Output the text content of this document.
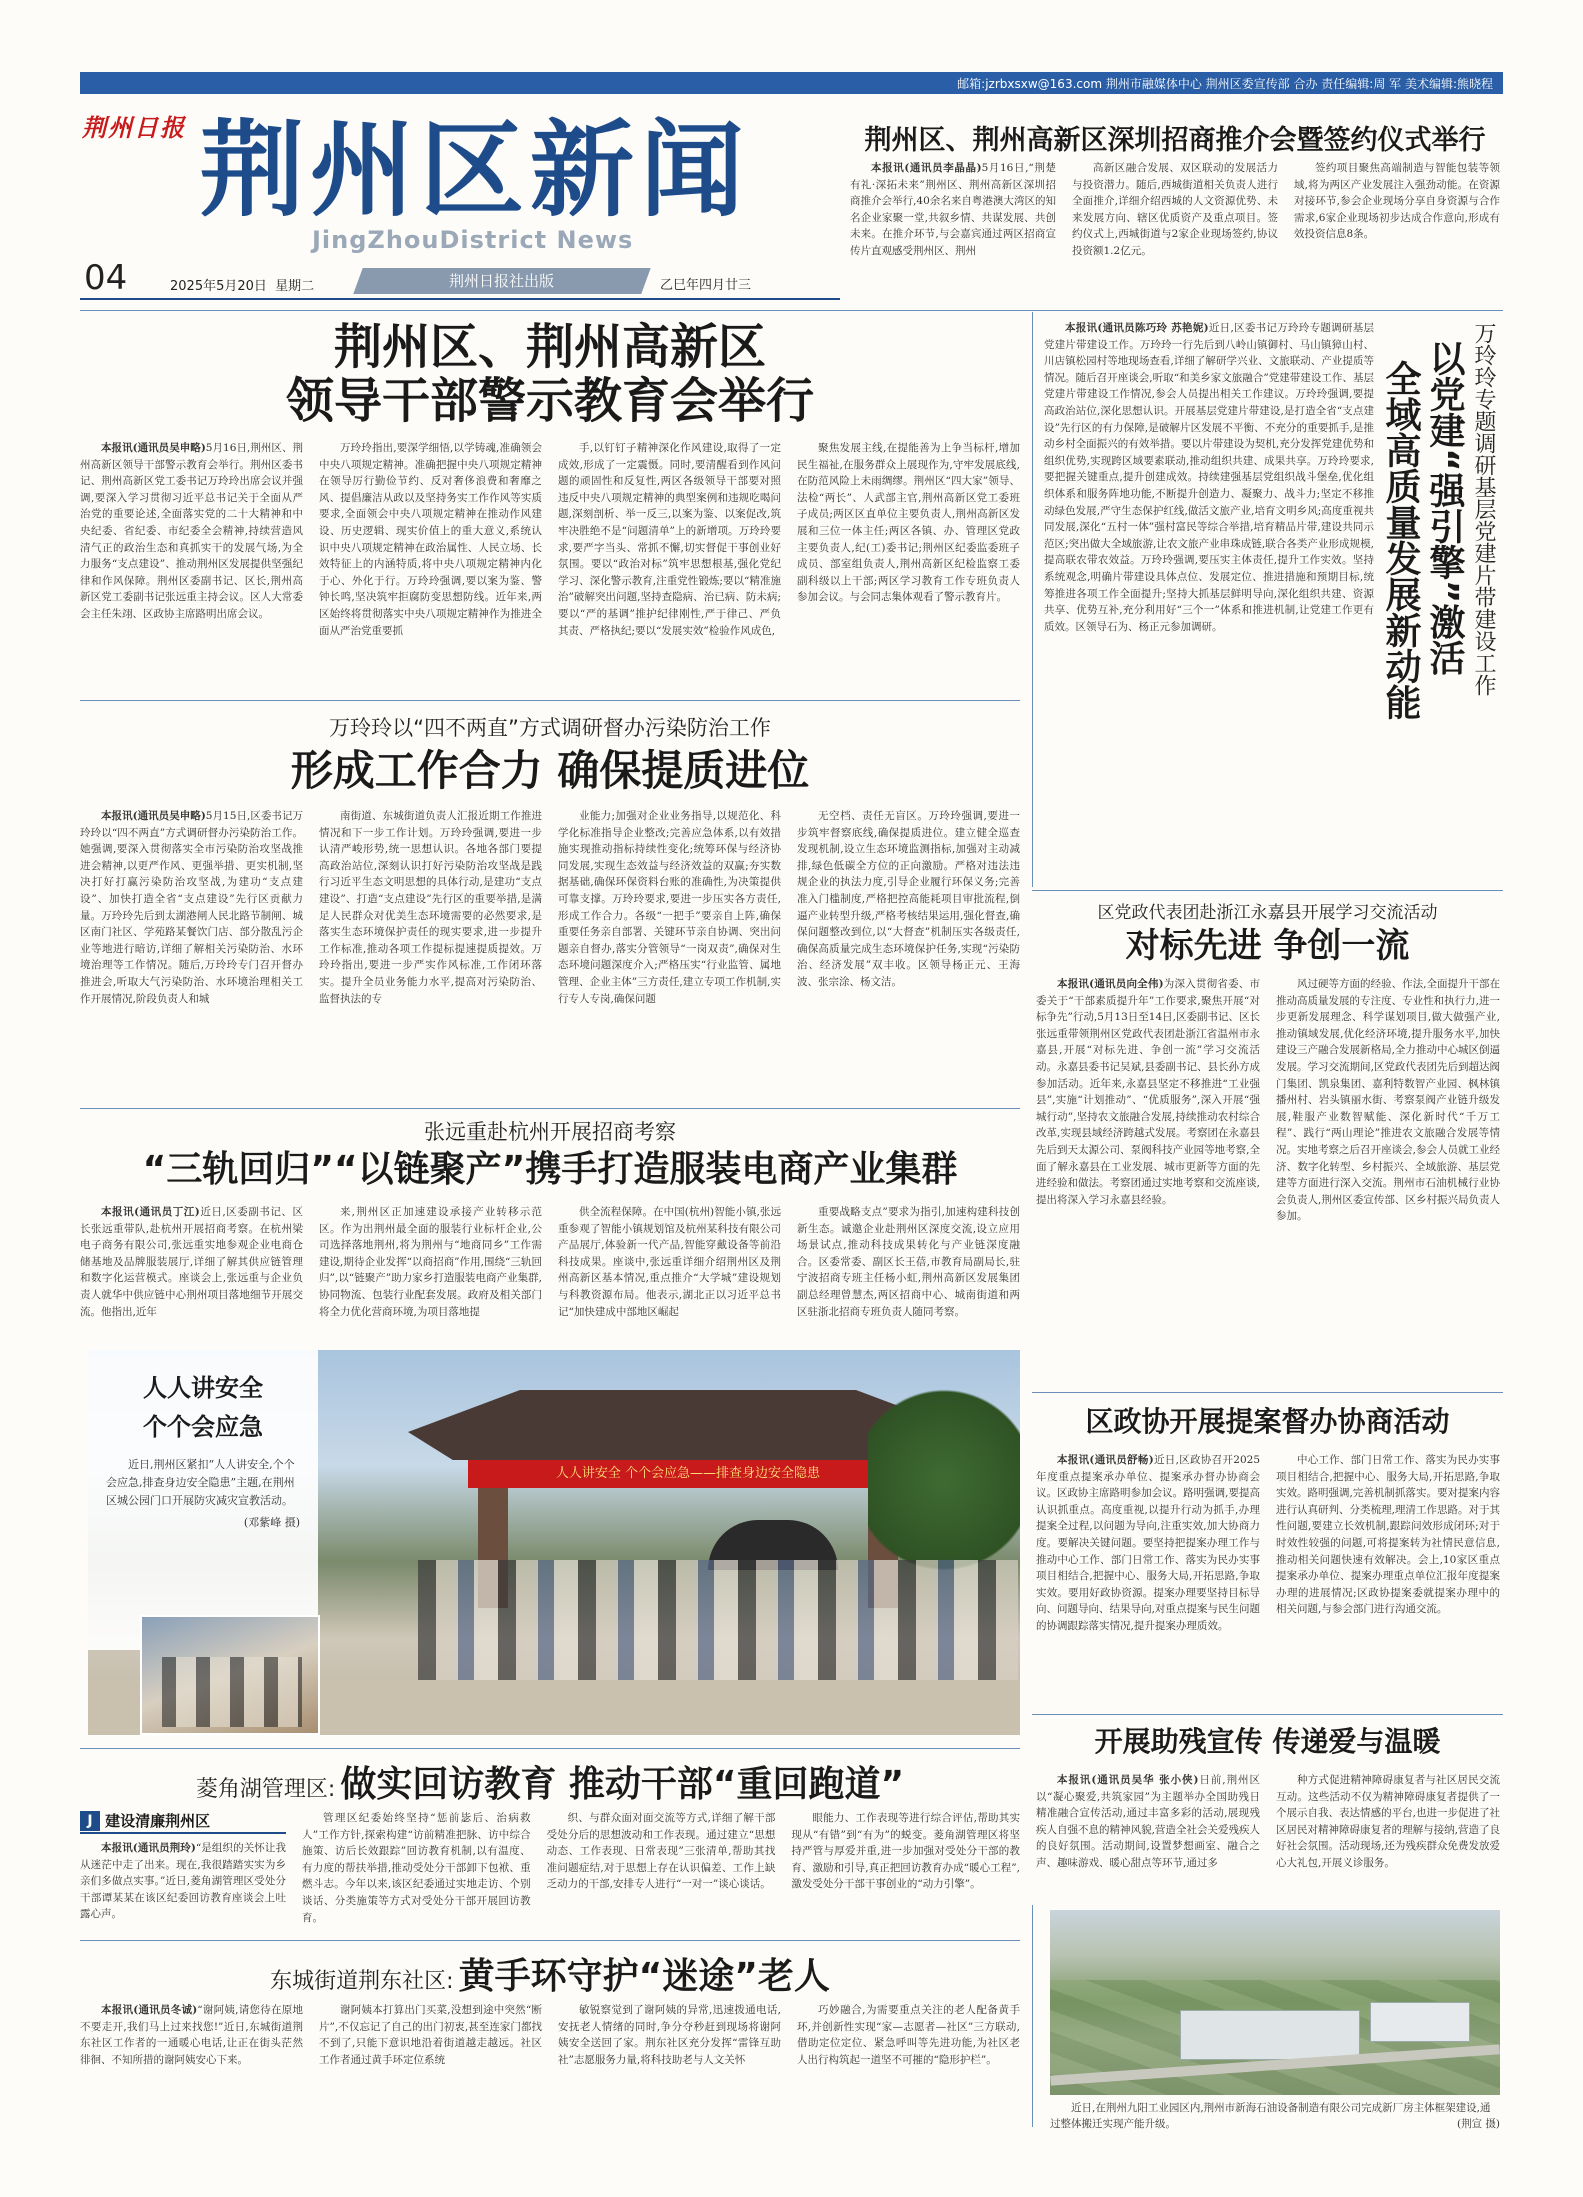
邮箱:jzrbxsxw@163.com 荆州市融媒体中心 荆州区委宣传部 合办 责任编辑:周 军 美术编辑:熊晓程
荆州日报 荆州区新闻
JingZhouDistrict News
04	2025年5月20日 星期二	荆州日报社出版	乙巳年四月廿三
荆州区、荆州高新区深圳招商推介会暨签约仪式举行
本报讯(通讯员李晶晶)5月16日,“荆楚有礼·深拓未来”荆州区、荆州高新区深圳招商推介会举行,40余名来自粤港澳大湾区的知名企业家聚一堂,共叙乡情、共谋发展、共创未来。在推介环节,与会嘉宾通过两区招商宣传片直观感受荆州区、荆州
高新区融合发展、双区联动的发展活力与投资潜力。随后,西城街道相关负责人进行全面推介,详细介绍西城的人文资源优势、未来发展方向、辖区优质资产及重点项目。签约仪式上,西城街道与2家企业现场签约,协议投资额1.2亿元。
签约项目聚焦高端制造与智能包装等领域,将为两区产业发展注入强劲动能。在资源对接环节,参会企业现场分享自身资源与合作需求,6家企业现场初步达成合作意向,形成有效投资信息8条。
荆州区、荆州高新区
领导干部警示教育会举行
本报讯(通讯员吴申略)5月16日,荆州区、荆州高新区领导干部警示教育会举行。荆州区委书记、荆州高新区党工委书记万玲玲出席会议并强调,要深入学习贯彻习近平总书记关于全面从严治党的重要论述,全面落实党的二十大精神和中央纪委、省纪委、市纪委全会精神,持续营造风清气正的政治生态和真抓实干的发展气场,为全力服务“支点建设”、推动荆州区发展提供坚强纪律和作风保障。荆州区委副书记、区长,荆州高新区党工委副书记张远重主持会议。区人大常委会主任朱翊、区政协主席路明出席会议。
万玲玲指出,要深学细悟,以学铸魂,准确领会中央八项规定精神。准确把握中央八项规定精神在领导厉行勤俭节约、反对奢侈浪费和奢靡之风、提倡廉洁从政以及坚持务实工作作风等实质要求,全面领会中央八项规定精神在推动作风建设、历史逻辑、现实价值上的重大意义,系统认识中央八项规定精神在政治属性、人民立场、长效特征上的内涵特质,将中央八项规定精神内化于心、外化于行。万玲玲强调,要以案为鉴、警钟长鸣,坚决筑牢拒腐防变思想防线。近年来,两区始终将贯彻落实中央八项规定精神作为推进全面从严治党重要抓
手,以钉钉子精神深化作风建设,取得了一定成效,形成了一定震慑。同时,要清醒看到作风问题的顽固性和反复性,两区各级领导干部要对照违反中央八项规定精神的典型案例和违规吃喝问题,深刻剖析、举一反三,以案为鉴、以案促改,筑牢决胜绝不是“问题清单”上的新增项。万玲玲要求,要严字当头、常抓不懈,切实督促干事创业好氛围。要以“政治对标”筑牢思想根基,强化党纪学习、深化警示教育,注重党性锻炼;要以“精准施治”破解突出问题,坚持查隐病、治已病、防未病;要以“严的基调”推护纪律刚性,严于律己、严负其责、严格执纪;要以“发展实效”检验作风成色,
聚焦发展主线,在提能善为上争当标杆,增加民生福祉,在服务群众上展现作为,守牢发展底线,在防范风险上未雨绸缪。荆州区“四大家”领导、法检“两长”、人武部主官,荆州高新区党工委班子成员;两区区直单位主要负责人,荆州高新区发展和三位一体主任;两区各镇、办、管理区党政主要负责人,纪(工)委书记;荆州区纪委监委班子成员、部室组负责人,荆州高新区纪检监察工委副科级以上干部;两区学习教育工作专班负责人参加会议。与会同志集体观看了警示教育片。
本报讯(通讯员陈巧玲 苏艳妮)近日,区委书记万玲玲专题调研基层党建片带建设工作。万玲玲一行先后到八岭山镇御村、马山镇獐山村、川店镇松园村等地现场查看,详细了解研学兴业、文旅联动、产业提质等情况。随后召开座谈会,听取“和美乡家文旅融合”党建带建设工作、基层党建片带建设工作情况,参会人员提出相关工作建议。万玲玲强调,要提高政治站位,深化思想认识。开展基层党建片带建设,是打造全省“支点建设”先行区的有力保障,是破解片区发展不平衡、不充分的重要抓手,是推动乡村全面振兴的有效举措。要以片带建设为契机,充分发挥党建优势和组织优势,实现跨区域要素联动,推动组织共建、成果共享。万玲玲要求,要把握关键重点,提升创建成效。持续建强基层党组织战斗堡垒,优化组织体系和服务阵地功能,不断提升创造力、凝聚力、战斗力;坚定不移推动绿色发展,严守生态保护红线,做活文旅产业,培育文明乡风;高度重视共同发展,深化“五村一体”强村富民等综合举措,培育精品片带,建设共同示范区;突出做大全域旅游,让农文旅产业串珠成链,联合各类产业形成规模,提高联农带农效益。万玲玲强调,要压实主体责任,提升工作实效。坚持系统观念,明确片带建设具体点位、发展定位、推进措施和预期目标,统筹推进各项工作全面提升;坚持大抓基层鲜明导向,深化组织共建、资源共享、优势互补,充分利用好“三个一”体系和推进机制,让党建工作更有质效。区领导石为、杨正元参加调研。	万玲玲专题调研基层党建片带建设工作
以党建“强引擎”激活
全域高质量发展新动能
万玲玲以“四不两直”方式调研督办污染防治工作
形成工作合力 确保提质进位
本报讯(通讯员吴申略)5月15日,区委书记万玲玲以“四不两直”方式调研督办污染防治工作。她强调,要深入贯彻落实全市污染防治攻坚战推进会精神,以更严作风、更强举措、更实机制,坚决打好打赢污染防治攻坚战,为建功“支点建设”、加快打造全省“支点建设”先行区贡献力量。万玲玲先后到太湖港闸人民北路节制闸、城区南门社区、学苑路某餐饮门店、部分散乱污企业等地进行暗访,详细了解相关污染防治、水环境治理等工作情况。随后,万玲玲专门召开督办推进会,听取大气污染防治、水环境治理相关工作开展情况,阶段负责人和城
南街道、东城街道负责人汇报近期工作推进情况和下一步工作计划。万玲玲强调,要进一步认清严峻形势,统一思想认识。各地各部门要提高政治站位,深刻认识打好污染防治攻坚战是践行习近平生态文明思想的具体行动,是建功“支点建设”、打造“支点建设”先行区的重要举措,是满足人民群众对优美生态环境需要的必然要求,是落实生态环境保护责任的现实要求,进一步提升工作标准,推动各项工作提标提速提质提效。万玲玲指出,要进一步严实作风标准,工作闭环落实。提升全员业务能力水平,提高对污染防治、监督执法的专
业能力;加强对企业业务指导,以规范化、科学化标准指导企业整改;完善应急体系,以有效措施实现推动指标持续性变化;统筹环保与经济协同发展,实现生态效益与经济效益的双赢;夯实数据基础,确保环保资料台账的准确性,为决策提供可靠支撑。万玲玲要求,要进一步压实各方责任,形成工作合力。各级“一把手”要亲自上阵,确保重要任务亲自部署、关键环节亲自协调、突出问题亲自督办,落实分管领导“一岗双责”,确保对生态环境问题深度介入;严格压实“行业监管、属地管理、企业主体”三方责任,建立专项工作机制,实行专人专岗,确保问题
无空档、责任无盲区。万玲玲强调,要进一步筑牢督察底线,确保提质进位。建立健全巡查发现机制,设立生态环境监测指标,加强对主动减排,绿色低碳全方位的正向激励。严格对违法违规企业的执法力度,引导企业履行环保义务;完善准入门槛制度,严格把控高能耗项目审批流程,倒逼产业转型升级,严格考核结果运用,强化督查,确保问题整改到位,以“大督查”机制压实各级责任,确保高质量完成生态环境保护任务,实现“污染防治、经济发展”双丰收。区领导杨正元、王海波、张宗涂、杨文洁。
区党政代表团赴浙江永嘉县开展学习交流活动
对标先进 争创一流
本报讯(通讯员向全伟)为深入贯彻省委、市委关于“干部素质提升年”工作要求,聚焦开展“对标争先”行动,5月13日至14日,区委副书记、区长张远重带领荆州区党政代表团赴浙江省温州市永嘉县,开展“对标先进、争创一流”学习交流活动。永嘉县委书记吴斌,县委副书记、县长孙方成参加活动。近年来,永嘉县坚定不移推进“工业强县”,实施“计划推动”、“优质服务”,深入开展“强城行动”,坚持农文旅融合发展,持续推动农村综合改革,实现县域经济跨越式发展。考察团在永嘉县先后到天太源公司、泵阀科技产业园等地考察,全面了解永嘉县在工业发展、城市更新等方面的先进经验和做法。考察团通过实地考察和交流座谈,提出将深入学习永嘉县经验。
风过硬等方面的经验、作法,全面提升干部在推动高质量发展的专注度、专业性和执行力,进一步更新发展理念、科学谋划项目,做大做强产业,推动镇域发展,优化经济环境,提升服务水平,加快建设三产融合发展新格局,全力推动中心城区倒逼发展。学习交流期间,区党政代表团先后到超达阀门集团、凯泉集团、嘉利特数智产业园、枫林镇播州村、岩头镇丽水街、考察泵阀产业链升级发展,鞋服产业数智赋能、深化新时代“千万工程”、践行“两山理论”推进农文旅融合发展等情况。实地考察之后召开座谈会,参会人员就工业经济、数字化转型、乡村振兴、全域旅游、基层党建等方面进行深入交流。荆州市石油机械行业协会负责人,荆州区委宣传部、区乡村振兴局负责人参加。
张远重赴杭州开展招商考察
“三轨回归”“以链聚产”携手打造服装电商产业集群
本报讯(通讯员丁江)近日,区委副书记、区长张远重带队,赴杭州开展招商考察。在杭州梁电子商务有限公司,张远重实地参观企业电商仓储基地及品牌服装展厅,详细了解其供应链管理和数字化运营模式。座谈会上,张远重与企业负责人就华中供应链中心荆州项目落地细节开展交流。他指出,近年
来,荆州区正加速建设承接产业转移示范区。作为出荆州最全面的服装行业标杆企业,公司选择落地荆州,将为荆州与“地商同乡”工作需建设,期待企业发挥“以商招商”作用,围绕“三轨回归”,以“链聚产”助力家乡打造服装电商产业集群,协同物流、包装行业配套发展。政府及相关部门将全力优化营商环境,为项目落地提
供全流程保障。在中国(杭州)智能小镇,张远重参观了智能小镇规划馆及杭州某科技有限公司产品展厅,体验新一代产品,智能穿戴设备等前沿科技成果。座谈中,张远重详细介绍荆州区及荆州高新区基本情况,重点推介“大学城”建设规划与科教资源布局。他表示,湖北正以习近平总书记“加快建成中部地区崛起
重要战略支点”要求为指引,加速构建科技创新生态。诚邀企业赴荆州区深度交流,设立应用场景试点,推动科技成果转化与产业链深度融合。区委常委、副区长王蓓,市教育局副局长,驻宁波招商专班主任杨小虹,荆州高新区发展集团副总经理曾慧杰,两区招商中心、城南街道和两区驻浙北招商专班负责人随同考察。
人人讲安全 个个会应急——排查身边安全隐患
人人讲安全
个个会应急
近日,荆州区紧扣“人人讲安全,个个会应急,排查身边安全隐患”主题,在荆州区城公园门口开展防灾减灾宣教活动。
(邓紫峰 摄)
区政协开展提案督办协商活动
本报讯(通讯员舒畅)近日,区政协召开2025年度重点提案承办单位、提案承办督办协商会议。区政协主席路明参加会议。路明强调,要提高认识抓重点。高度重视,以提升行动为抓手,办理提案全过程,以问题为导向,注重实效,加大协商力度。要解决关键问题。要坚持把提案办理工作与推动中心工作、部门日常工作、落实为民办实事项目相结合,把握中心、服务大局,开拓思路,争取实效。要用好政协资源。提案办理要坚持目标导向、问题导向、结果导向,对重点提案与民生问题的协调跟踪落实情况,提升提案办理质效。
中心工作、部门日常工作、落实为民办实事项目相结合,把握中心、服务大局,开拓思路,争取实效。路明强调,完善机制抓落实。要对提案内容进行认真研判、分类梳理,理清工作思路。对于其性问题,要建立长效机制,跟踪问效形成闭环;对于时效性较强的问题,可将提案转为社情民意信息,推动相关问题快速有效解决。会上,10家区重点提案承办单位、提案办理重点单位汇报年度提案办理的进展情况;区政协提案委就提案办理中的相关问题,与参会部门进行沟通交流。
开展助残宣传 传递爱与温暖
本报讯(通讯员吴华 张小侠)日前,荆州区以“凝心聚爱,共筑家园”为主题举办全国助残日精准融合宣传活动,通过丰富多彩的活动,展现残疾人自强不息的精神风貌,营造全社会关爱残疾人的良好氛围。活动期间,设置梦想画室、融合之声、趣味游戏、暖心甜点等环节,通过多
种方式促进精神障碍康复者与社区居民交流互动。这些活动不仅为精神障碍康复者提供了一个展示自我、表达情感的平台,也进一步促进了社区居民对精神障碍康复者的理解与接纳,营造了良好社会氛围。活动现场,还为残疾群众免费发放爱心大礼包,开展义诊服务。
菱角湖管理区: 做实回访教育 推动干部“重回跑道”
J 建设清廉荆州区
本报讯(通讯员荆玲)“是组织的关怀让我从迷茫中走了出来。现在,我很踏踏实实为乡亲们多做点实事。”近日,菱角湖管理区受处分干部谭某某在该区纪委回访教育座谈会上吐露心声。
管理区纪委始终坚持“惩前毖后、治病救人”工作方针,探索构建“访前精准把脉、访中综合施策、访后长效跟踪”回访教育机制,以有温度、有力度的帮扶举措,推动受处分干部卸下包袱、重燃斗志。今年以来,该区纪委通过实地走访、个别谈话、分类施策等方式对受处分干部开展回访教育。
织、与群众面对面交流等方式,详细了解干部受处分后的思想波动和工作表现。通过建立“思想动态、工作表现、日常表现”三张清单,帮助其找准问题症结,对于思想上存在认识偏差、工作上缺乏动力的干部,安排专人进行“一对一”谈心谈话。
眼能力、工作表现等进行综合评估,帮助其实现从“有错”到“有为”的蜕变。菱角湖管理区将坚持严管与厚爱并重,进一步加强对受处分干部的教育、激励和引导,真正把回访教育办成“暖心工程”,激发受处分干部干事创业的“动力引擎”。
东城街道荆东社区: 黄手环守护“迷途”老人
本报讯(通讯员冬诚)“谢阿姨,请您待在原地不要走开,我们马上过来找您!”近日,东城街道荆东社区工作者的一通暖心电话,让正在街头茫然徘徊、不知所措的谢阿姨安心下来。
谢阿姨本打算出门买菜,没想到途中突然“断片”,不仅忘记了自己的出门初衷,甚至连家门都找不到了,只能下意识地沿着街道越走越远。社区工作者通过黄手环定位系统
敏锐察觉到了谢阿姨的异常,迅速拨通电话,安抚老人情绪的同时,争分夺秒赶到现场将谢阿姨安全送回了家。荆东社区充分发挥“雷锋互助社”志愿服务力量,将科技助老与人文关怀
巧妙融合,为需要重点关注的老人配备黄手环,并创新性实现“家—志愿者—社区”三方联动,借助定位定位、紧急呼叫等先进功能,为社区老人出行构筑起一道坚不可摧的“隐形护栏”。
近日,在荆州九阳工业园区内,荆州市新海石油设备制造有限公司完成新厂房主体框架建设,通过整体搬迁实现产能升级。	(荆宣 摄)
